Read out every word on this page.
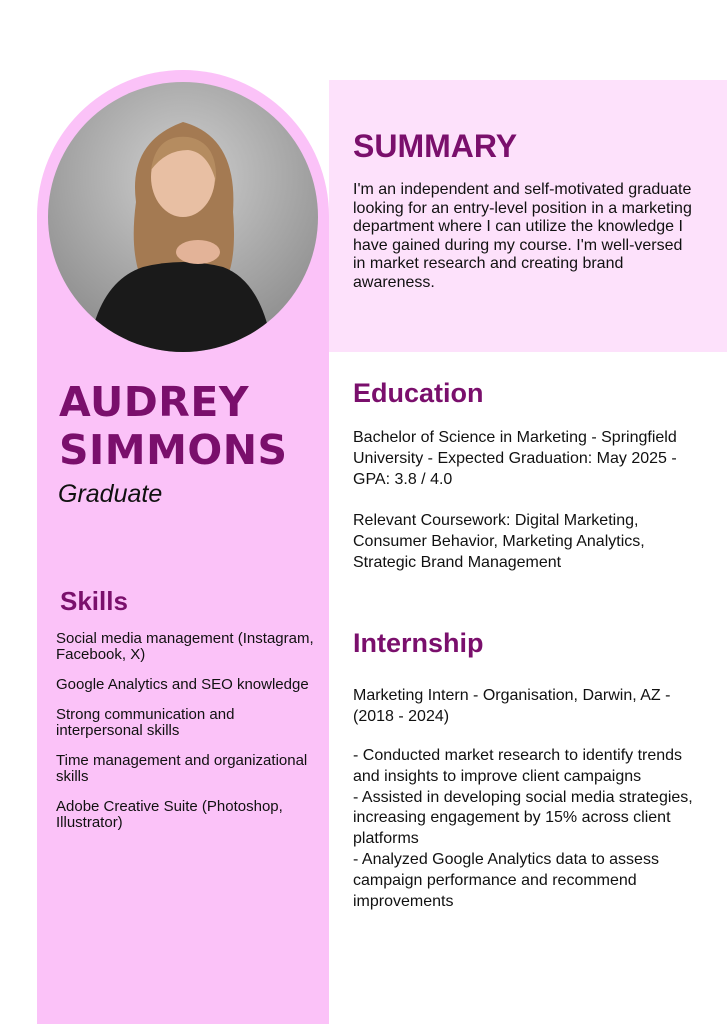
AUDREY
SIMMONS

Graduate

Skills
Social media management (Instagram, Facebook, X)
Google Analytics and SEO knowledge
Strong communication and interpersonal skills
Time management and organizational skills
Adobe Creative Suite (Photoshop, Illustrator)
SUMMARY

I'm an independent and self-motivated graduate looking for an entry-level position in a marketing department where I can utilize the knowledge I have gained during my course. I'm well-versed in market research and creating brand awareness.

Education

Bachelor of Science in Marketing - Springfield University - Expected Graduation: May 2025 - GPA: 3.8 / 4.0

Relevant Coursework: Digital Marketing, Consumer Behavior, Marketing Analytics, Strategic Brand Management

Internship

Marketing Intern - Organisation, Darwin, AZ - (2018 - 2024)

- Conducted market research to identify trends and insights to improve client campaigns
- Assisted in developing social media strategies, increasing engagement by 15% across client platforms
- Analyzed Google Analytics data to assess campaign performance and recommend improvements
